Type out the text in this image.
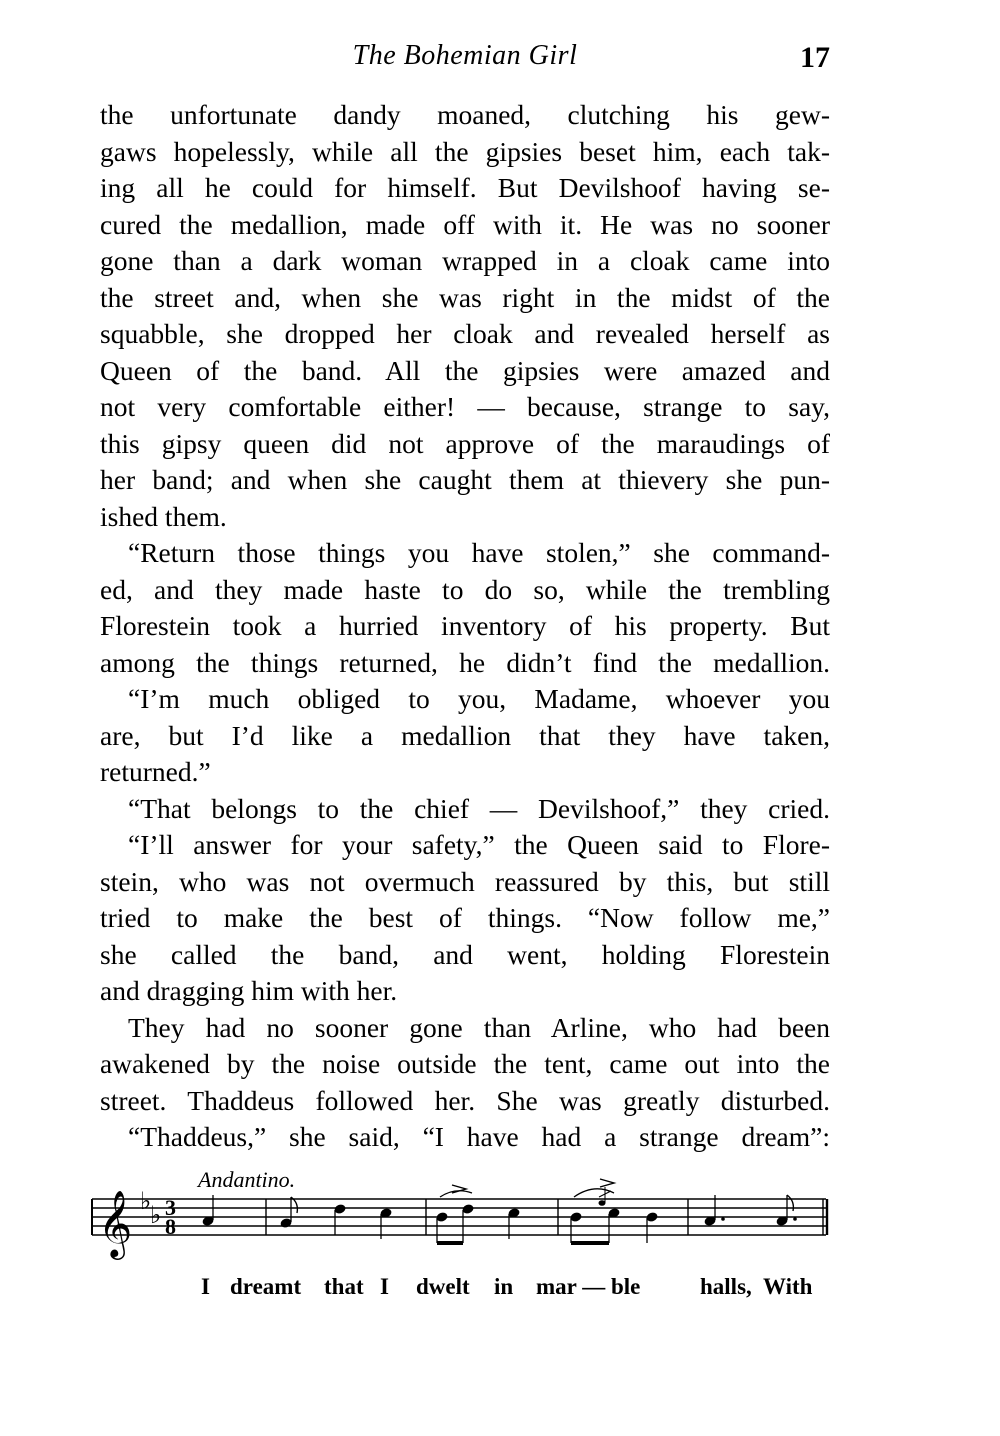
The Bohemian Girl	17
the unfortunate dandy moaned, clutching his gew-
gaws hopelessly, while all the gipsies beset him, each tak-
ing all he could for himself. But Devilshoof having se-
cured the medallion, made off with it. He was no sooner
gone than a dark woman wrapped in a cloak came into
the street and, when she was right in the midst of the
squabble, she dropped her cloak and revealed herself as
Queen of the band. All the gipsies were amazed and
not very comfortable either! — because, strange to say,
this gipsy queen did not approve of the maraudings of
her band; and when she caught them at thievery she pun-
ished them.
“Return those things you have stolen,” she command-
ed, and they made haste to do so, while the trembling
Florestein took a hurried inventory of his property. But
among the things returned, he didn’t find the medallion.
“I’m much obliged to you, Madame, whoever you
are, but I’d like a medallion that they have taken,
returned.”
“That belongs to the chief — Devilshoof,” they cried.
“I’ll answer for your safety,” the Queen said to Flore-
stein, who was not overmuch reassured by this, but still
tried to make the best of things. “Now follow me,”
she called the band, and went, holding Florestein
and dragging him with her.
They had no sooner gone than Arline, who had been
awakened by the noise outside the tent, came out into the
street. Thaddeus followed her. She was greatly disturbed.
“Thaddeus,” she said, “I have had a strange dream”:
𝄞 ♭
♭ 3
8
Andantino.
I dreamt that I dwelt in mar — ble	halls, With
